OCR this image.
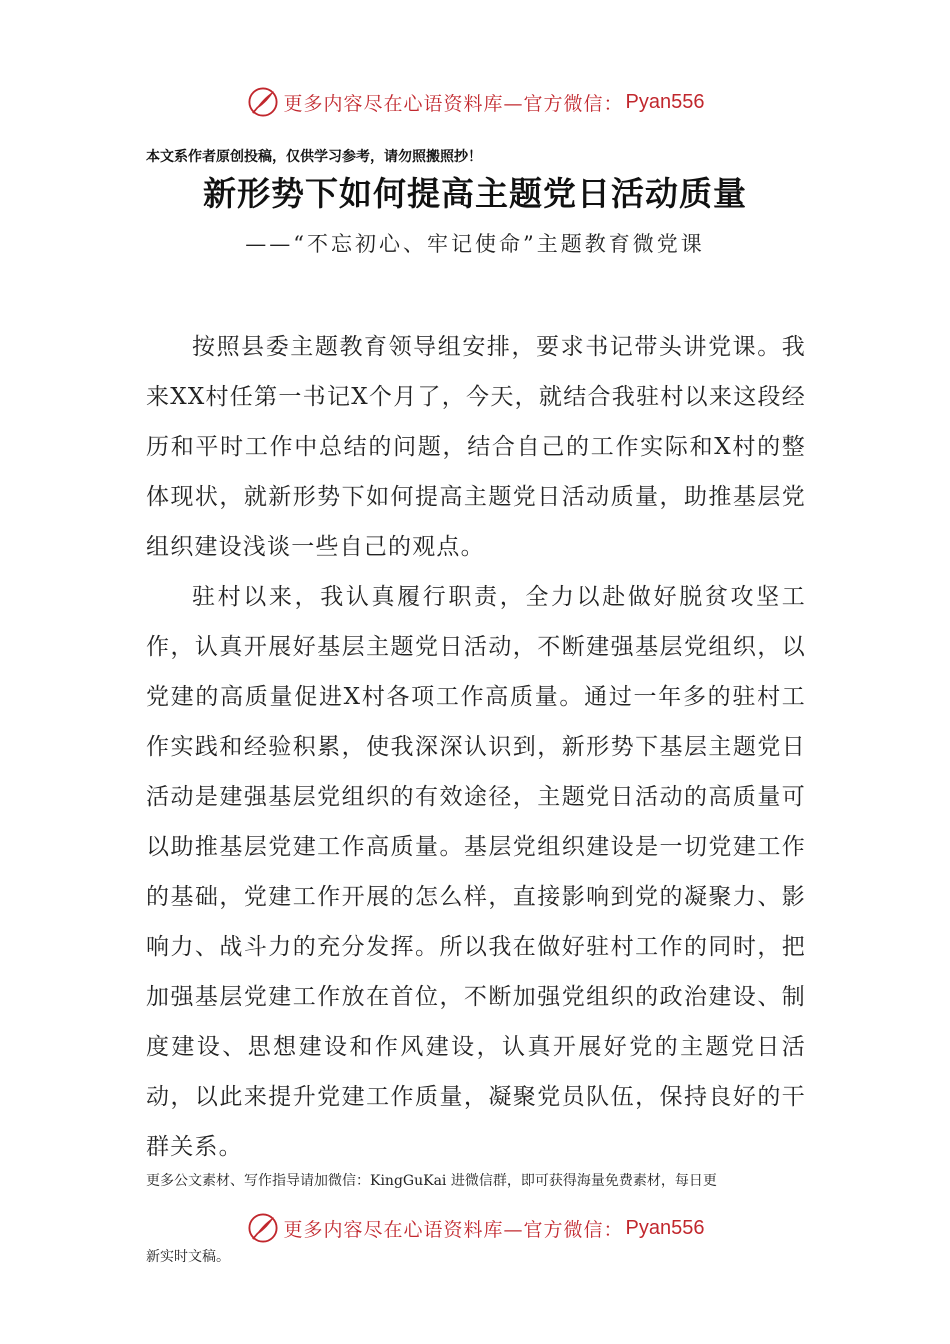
更多内容尽在心语资料库—官方微信： Pyan556
本文系作者原创投稿，仅供学习参考，请勿照搬照抄！
新形势下如何提高主题党日活动质量
——“不忘初心、牢记使命”主题教育微党课

按照县委主题教育领导组安排，要求书记带头讲党课。我来XX村任第一书记X个月了，今天，就结合我驻村以来这段经历和平时工作中总结的问题，结合自己的工作实际和X村的整体现状，就新形势下如何提高主题党日活动质量，助推基层党组织建设浅谈一些自己的观点。

驻村以来，我认真履行职责，全力以赴做好脱贫攻坚工作，认真开展好基层主题党日活动，不断建强基层党组织，以党建的高质量促进X村各项工作高质量。通过一年多的驻村工作实践和经验积累，使我深深认识到，新形势下基层主题党日活动是建强基层党组织的有效途径，主题党日活动的高质量可以助推基层党建工作高质量。基层党组织建设是一切党建工作的基础，党建工作开展的怎么样，直接影响到党的凝聚力、影响力、战斗力的充分发挥。所以我在做好驻村工作的同时，把加强基层党建工作放在首位，不断加强党组织的政治建设、制度建设、思想建设和作风建设，认真开展好党的主题党日活动，以此来提升党建工作质量，凝聚党员队伍，保持良好的干群关系。

更多公文素材、写作指导请加微信：KingGuKai 进微信群，即可获得海量免费素材，每日更
更多内容尽在心语资料库—官方微信： Pyan556
新实时文稿。
